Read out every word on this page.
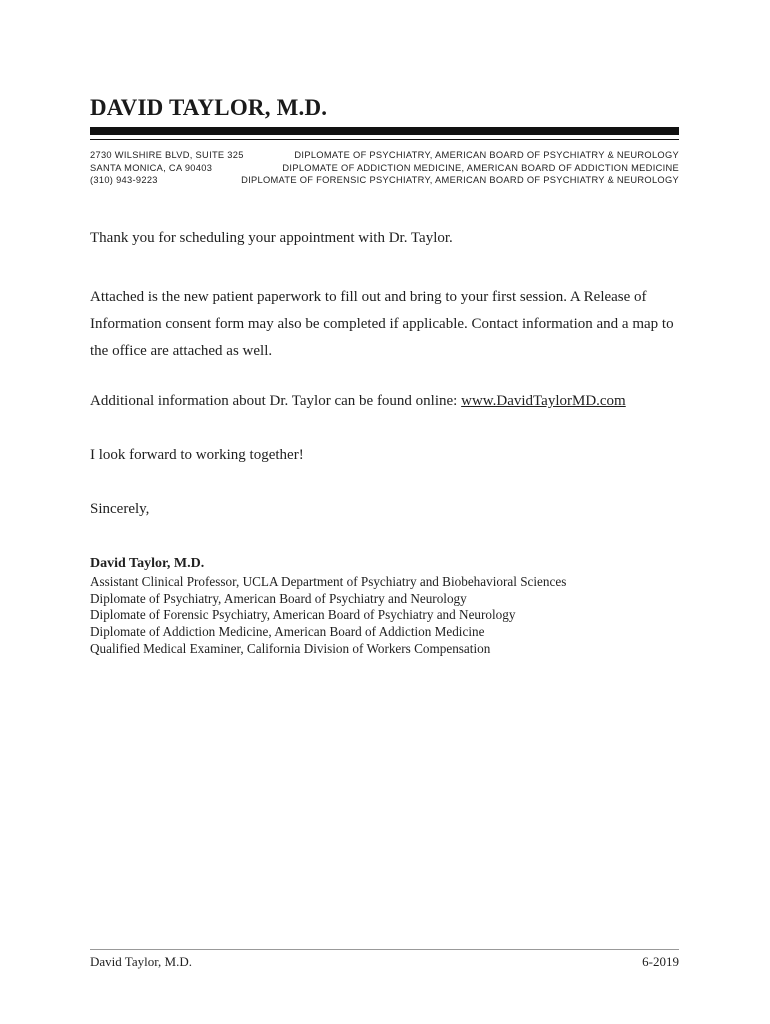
DAVID TAYLOR, M.D.
2730 WILSHIRE BLVD, SUITE 325
SANTA MONICA, CA 90403
(310) 943-9223
DIPLOMATE OF PSYCHIATRY, AMERICAN BOARD OF PSYCHIATRY & NEUROLOGY
DIPLOMATE OF ADDICTION MEDICINE, AMERICAN BOARD OF ADDICTION MEDICINE
DIPLOMATE OF FORENSIC PSYCHIATRY, AMERICAN BOARD OF PSYCHIATRY & NEUROLOGY
Thank you for scheduling your appointment with Dr. Taylor.
Attached is the new patient paperwork to fill out and bring to your first session. A Release of Information consent form may also be completed if applicable. Contact information and a map to the office are attached as well.
Additional information about Dr. Taylor can be found online: www.DavidTaylorMD.com
I look forward to working together!
Sincerely,
David Taylor, M.D.
Assistant Clinical Professor, UCLA Department of Psychiatry and Biobehavioral Sciences
Diplomate of Psychiatry, American Board of Psychiatry and Neurology
Diplomate of Forensic Psychiatry, American Board of Psychiatry and Neurology
Diplomate of Addiction Medicine, American Board of Addiction Medicine
Qualified Medical Examiner, California Division of Workers Compensation
David Taylor, M.D.	6-2019
